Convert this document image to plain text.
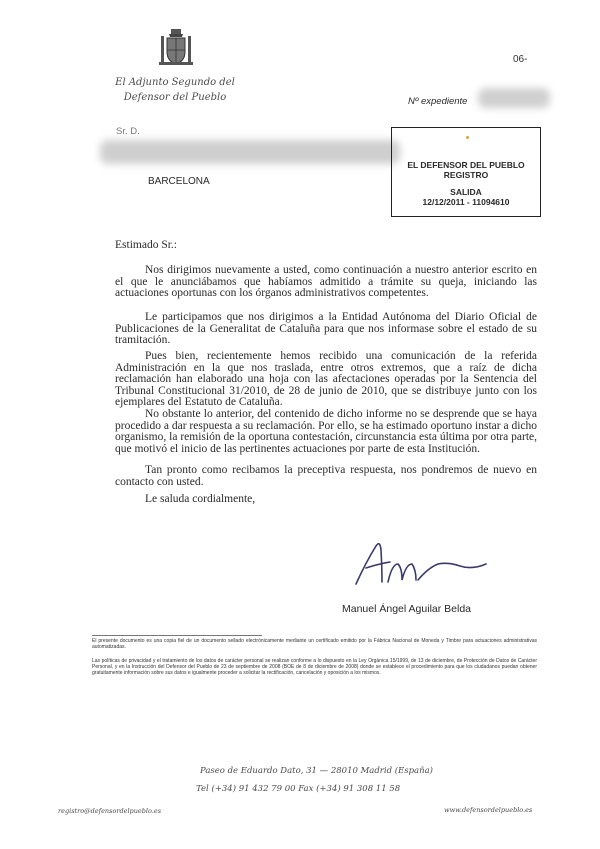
El Adjunto Segundo del
Defensor del Pueblo
06-
Nº expediente
Sr. D.
BARCELONA
EL DEFENSOR DEL PUEBLO
REGISTRO
SALIDA
12/12/2011 - 11094610
Estimado Sr.:
Nos dirigimos nuevamente a usted, como continuación a nuestro anterior escrito en el que le anunciábamos que habíamos admitido a trámite su queja, iniciando las actuaciones oportunas con los órganos administrativos competentes.
Le participamos que nos dirigimos a la Entidad Autónoma del Diario Oficial de Publicaciones de la Generalitat de Cataluña para que nos informase sobre el estado de su tramitación.
Pues bien, recientemente hemos recibido una comunicación de la referida Administración en la que nos traslada, entre otros extremos, que a raíz de dicha reclamación han elaborado una hoja con las afectaciones operadas por la Sentencia del Tribunal Constitucional 31/2010, de 28 de junio de 2010, que se distribuye junto con los ejemplares del Estatuto de Cataluña.
No obstante lo anterior, del contenido de dicho informe no se desprende que se haya procedido a dar respuesta a su reclamación. Por ello, se ha estimado oportuno instar a dicho organismo, la remisión de la oportuna contestación, circunstancia esta última por otra parte, que motivó el inicio de las pertinentes actuaciones por parte de esta Institución.
Tan pronto como recibamos la preceptiva respuesta, nos pondremos de nuevo en contacto con usted.
Le saluda cordialmente,
Manuel Ángel Aguilar Belda
El presente documento es una copia fiel de un documento sellado electrónicamente mediante un certificado emitido por la Fábrica Nacional de Moneda y Timbre para actuaciones administrativas automatizadas.
Las políticas de privacidad y el tratamiento de los datos de carácter personal se realizan conforme a lo dispuesto en la Ley Orgánica 15/1999, de 13 de diciembre, de Protección de Datos de Carácter Personal, y en la Instrucción del Defensor del Pueblo de 23 de septiembre de 2008 (BOE de 8 de diciembre de 2008) donde se establece el procedimiento para que los ciudadanos puedan obtener gratuitamente información sobre sus datos e igualmente proceder a solicitar la rectificación, cancelación y oposición a los mismos.
Paseo de Eduardo Dato, 31 — 28010 Madrid (España)
Tel (+34) 91 432 79 00 Fax (+34) 91 308 11 58
registro@defensordelpueblo.es	www.defensordelpueblo.es
